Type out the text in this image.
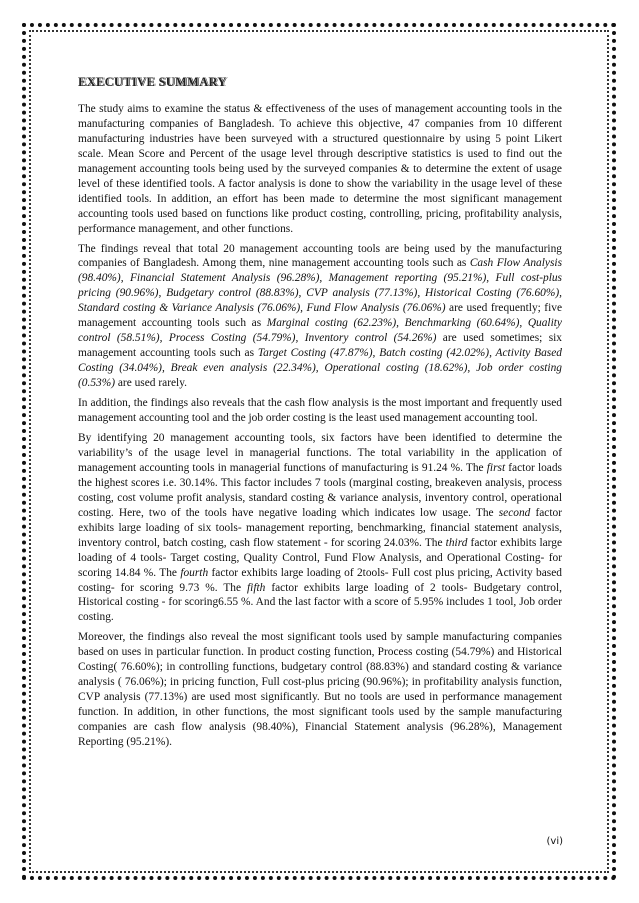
EXECUTIVE SUMMARY

The study aims to examine the status & effectiveness of the uses of management accounting tools in the manufacturing companies of Bangladesh. To achieve this objective, 47 companies from 10 different manufacturing industries have been surveyed with a structured questionnaire by using 5 point Likert scale. Mean Score and Percent of the usage level through descriptive statistics is used to find out the management accounting tools being used by the surveyed companies & to determine the extent of usage level of these identified tools. A factor analysis is done to show the variability in the usage level of these identified tools. In addition, an effort has been made to determine the most significant management accounting tools used based on functions like product costing, controlling, pricing, profitability analysis, performance management, and other functions.

The findings reveal that total 20 management accounting tools are being used by the manufacturing companies of Bangladesh. Among them, nine management accounting tools such as Cash Flow Analysis (98.40%), Financial Statement Analysis (96.28%), Management reporting (95.21%), Full cost-plus pricing (90.96%), Budgetary control (88.83%), CVP analysis (77.13%), Historical Costing (76.60%), Standard costing & Variance Analysis (76.06%), Fund Flow Analysis (76.06%) are used frequently; five management accounting tools such as Marginal costing (62.23%), Benchmarking (60.64%), Quality control (58.51%), Process Costing (54.79%), Inventory control (54.26%) are used sometimes; six management accounting tools such as Target Costing (47.87%), Batch costing (42.02%), Activity Based Costing (34.04%), Break even analysis (22.34%), Operational costing (18.62%), Job order costing (0.53%) are used rarely.

In addition, the findings also reveals that the cash flow analysis is the most important and frequently used management accounting tool and the job order costing is the least used management accounting tool.

By identifying 20 management accounting tools, six factors have been identified to determine the variability’s of the usage level in managerial functions. The total variability in the application of management accounting tools in managerial functions of manufacturing is 91.24 %. The first factor loads the highest scores i.e. 30.14%. This factor includes 7 tools (marginal costing, breakeven analysis, process costing, cost volume profit analysis, standard costing & variance analysis, inventory control, operational costing. Here, two of the tools have negative loading which indicates low usage. The second factor exhibits large loading of six tools- management reporting, benchmarking, financial statement analysis, inventory control, batch costing, cash flow statement - for scoring 24.03%. The third factor exhibits large loading of 4 tools- Target costing, Quality Control, Fund Flow Analysis, and Operational Costing- for scoring 14.84 %. The fourth factor exhibits large loading of 2tools- Full cost plus pricing, Activity based costing- for scoring 9.73 %. The fifth factor exhibits large loading of 2 tools- Budgetary control, Historical costing - for scoring6.55 %. And the last factor with a score of 5.95% includes 1 tool, Job order costing.

Moreover, the findings also reveal the most significant tools used by sample manufacturing companies based on uses in particular function. In product costing function, Process costing (54.79%) and Historical Costing( 76.60%); in controlling functions, budgetary control (88.83%) and standard costing & variance analysis ( 76.06%); in pricing function, Full cost-plus pricing (90.96%); in profitability analysis function, CVP analysis (77.13%) are used most significantly. But no tools are used in performance management function. In addition, in other functions, the most significant tools used by the sample manufacturing companies are cash flow analysis (98.40%), Financial Statement analysis (96.28%), Management Reporting (95.21%).

(vi)
